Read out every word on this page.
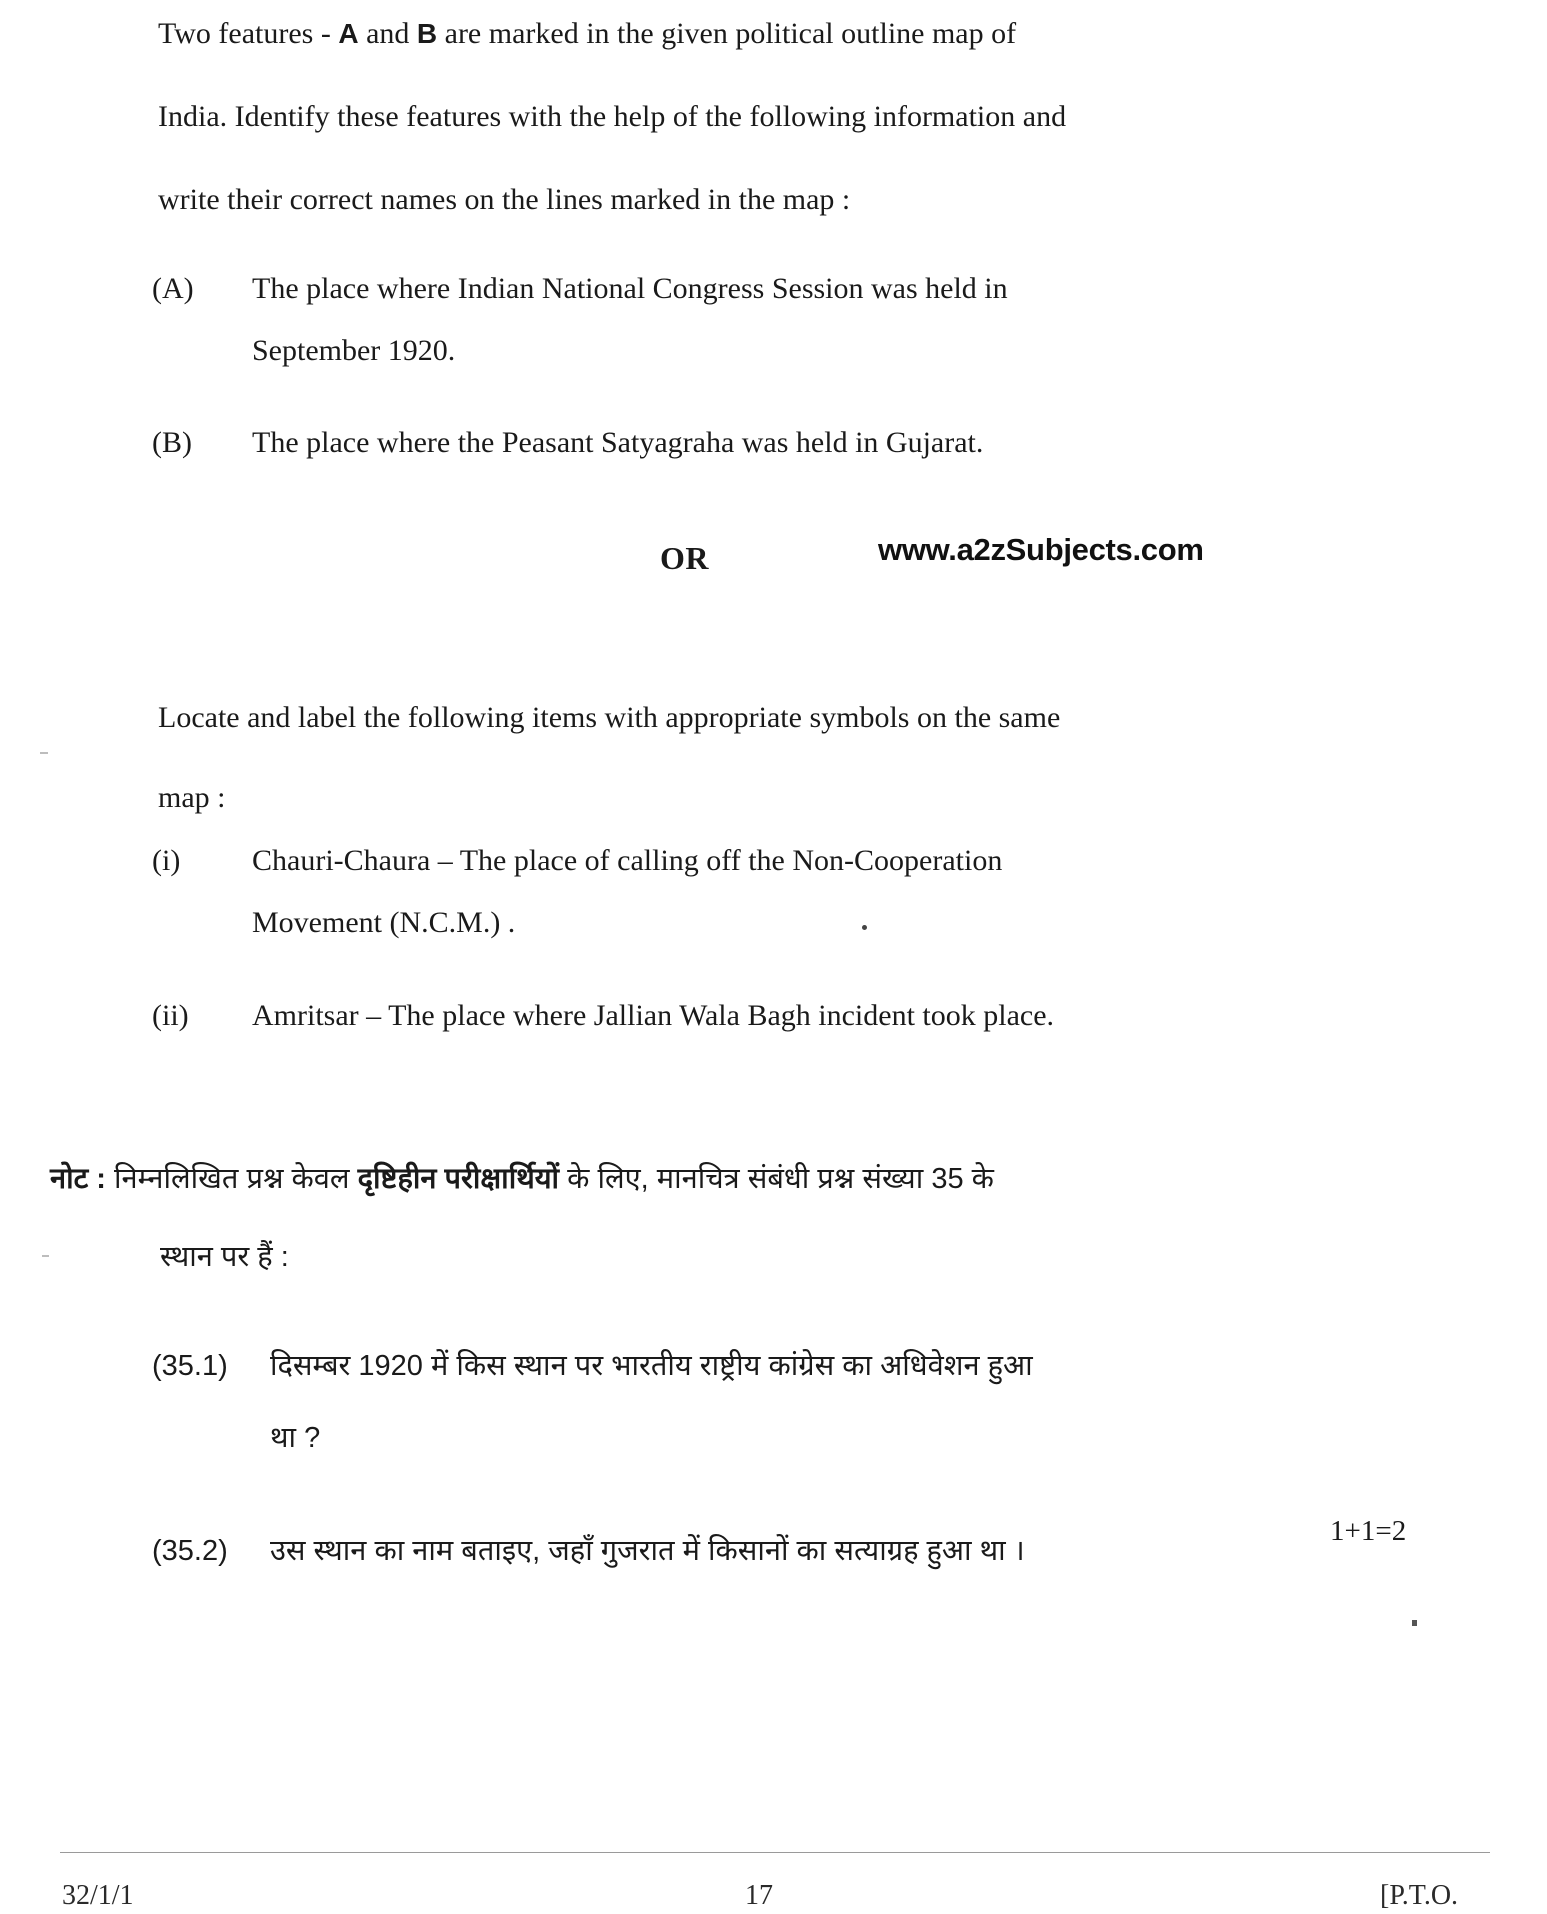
Two features - A and B are marked in the given political outline map of
India. Identify these features with the help of the following information and
write their correct names on the lines marked in the map :
(A)	The place where Indian National Congress Session was held in
September 1920.
(B)	The place where the Peasant Satyagraha was held in Gujarat.
OR	www.a2zSubjects.com
Locate and label the following items with appropriate symbols on the same
map :
(i)	Chauri-Chaura – The place of calling off the Non-Cooperation
Movement (N.C.M.) .
(ii)	Amritsar – The place where Jallian Wala Bagh incident took place.
नोट : निम्नलिखित प्रश्न केवल दृष्टिहीन परीक्षार्थियों के लिए, मानचित्र संबंधी प्रश्न संख्या 35 के
स्थान पर हैं :
(35.1)	दिसम्बर 1920 में किस स्थान पर भारतीय राष्ट्रीय कांग्रेस का अधिवेशन हुआ
था ?
(35.2)	उस स्थान का नाम बताइए, जहाँ गुजरात में किसानों का सत्याग्रह हुआ था ।
1+1=2
32/1/1	17	[P.T.O.
